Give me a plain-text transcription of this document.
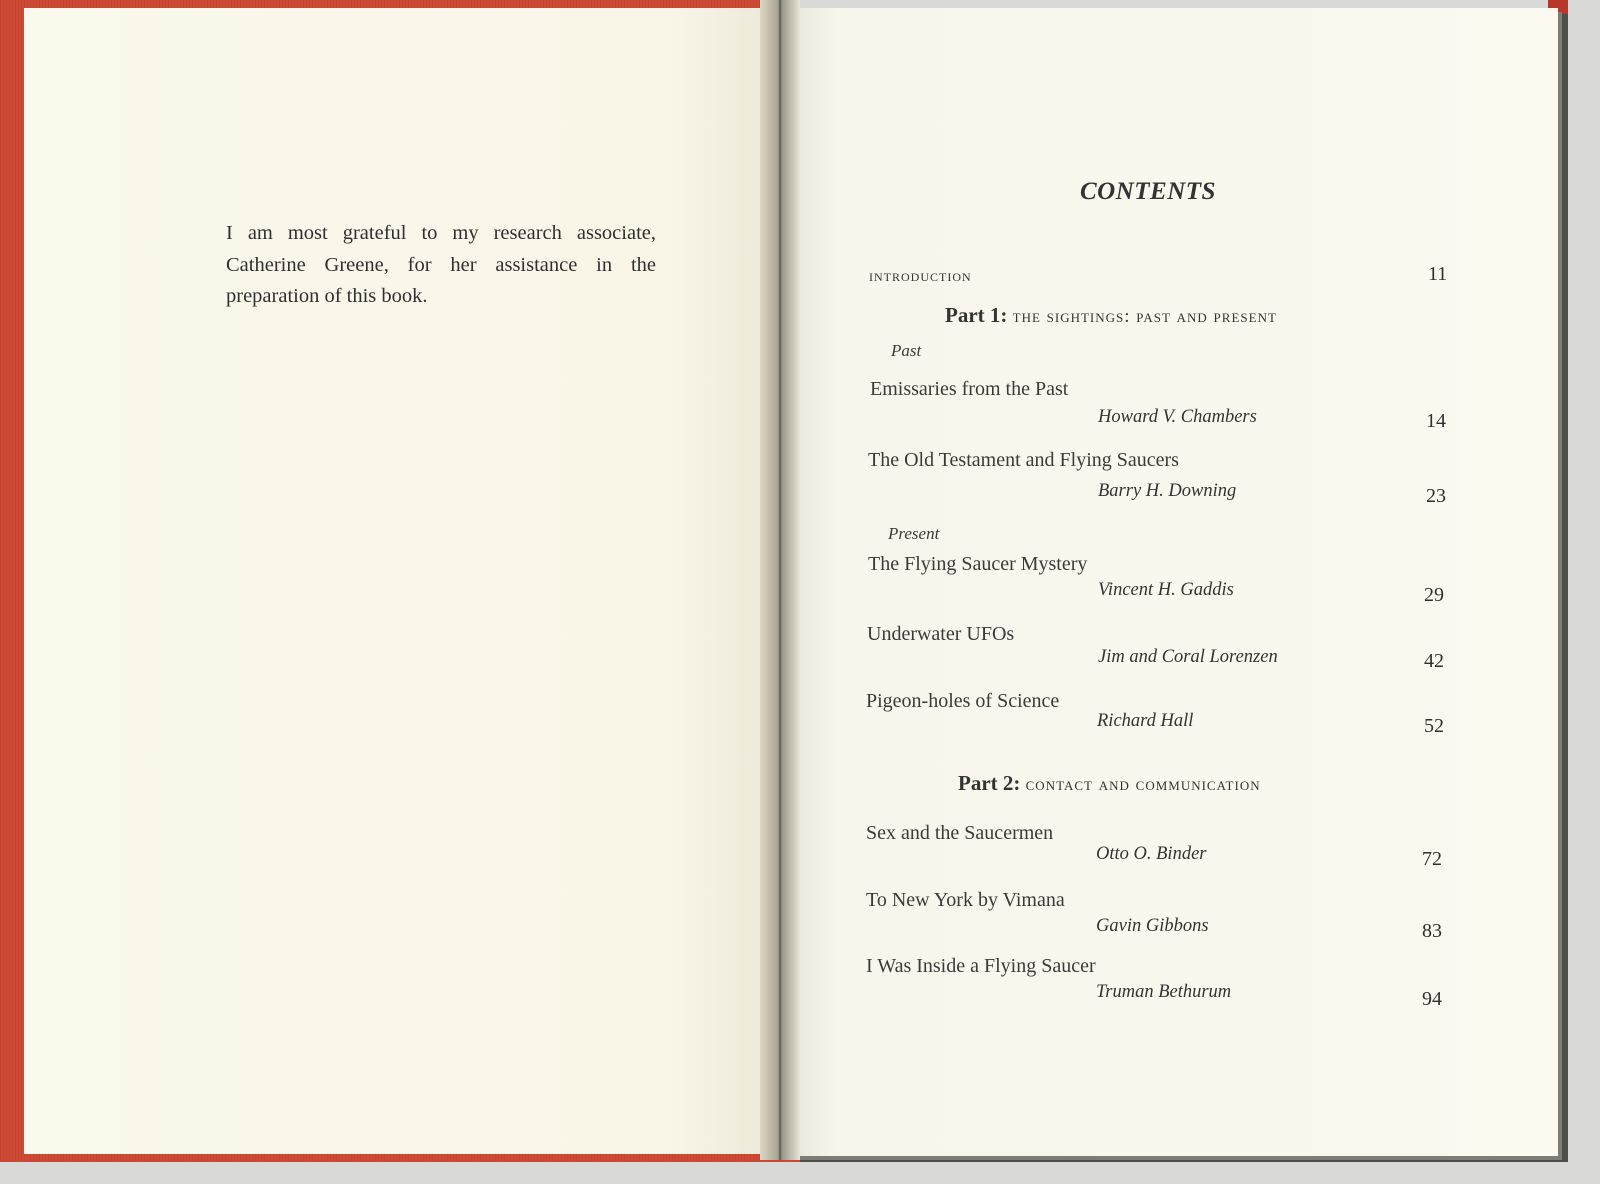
I am most grateful to my research associate, Catherine Greene, for her assistance in the preparation of this book.

CONTENTS
introduction	11
Part 1: the sightings: past and present
Past
Emissaries from the Past
Howard V. Chambers	14
The Old Testament and Flying Saucers
Barry H. Downing	23
Present
The Flying Saucer Mystery
Vincent H. Gaddis	29
Underwater UFOs
Jim and Coral Lorenzen	42
Pigeon-holes of Science
Richard Hall	52
Part 2: contact and communication
Sex and the Saucermen
Otto O. Binder	72
To New York by Vimana
Gavin Gibbons	83
I Was Inside a Flying Saucer
Truman Bethurum	94
